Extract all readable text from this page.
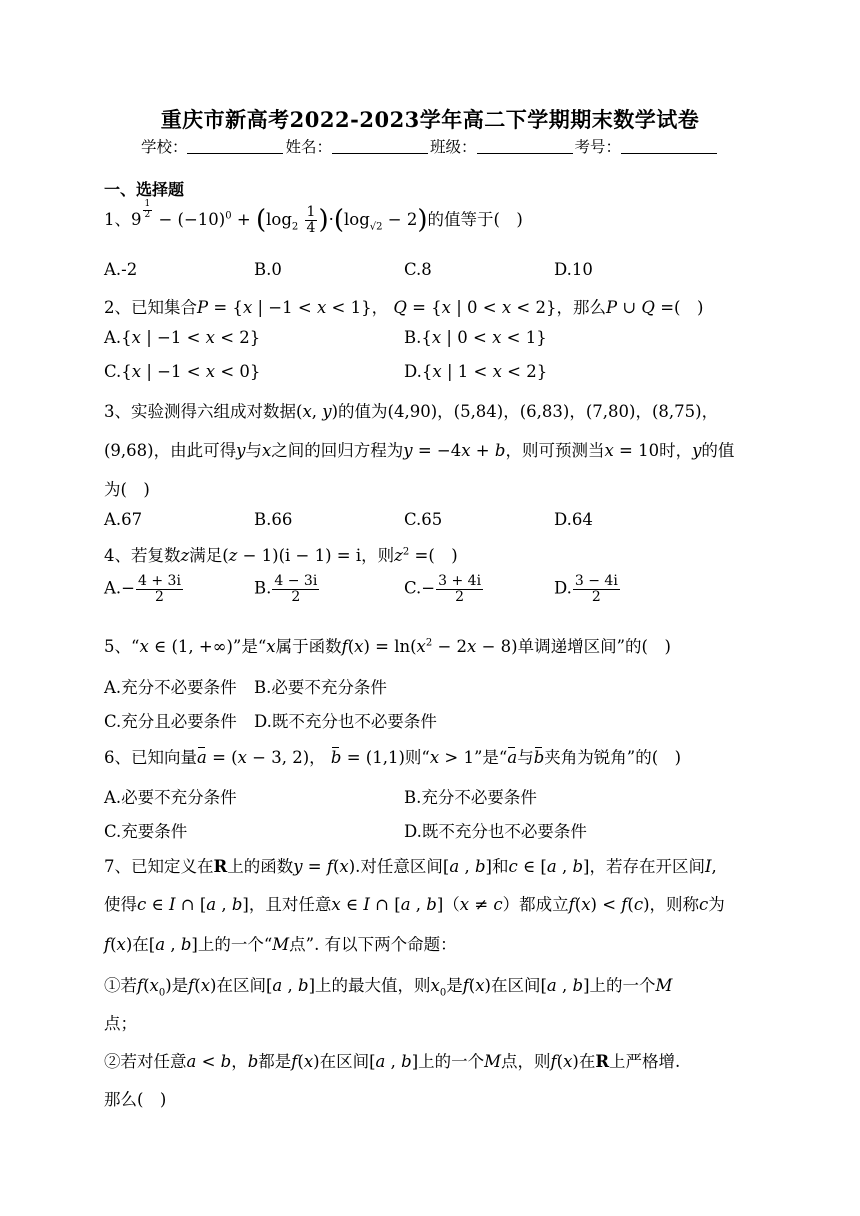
重庆市新高考2022-2023学年高二下学期期末数学试卷
学校：	姓名：	班级：	考号：
一、选择题
1、9 $^{\frac{1}{2}} - (-10)^0 + (\log_2 \frac{1}{4} )\cdot(\log_{√2} - 2)$的值等于(　)
A.-2	B.0	C.8	D.10
2、已知集合P = {x | −1 < x < 1}， Q = {x | 0 < x < 2}，那么P ∪ Q =(　)
A.{x | −1 < x < 2}	B.{x | 0 < x < 1}
C.{x | −1 < x < 0}	D.{x | 1 < x < 2}
3、实验测得六组成对数据(x, y)的值为(4,90)，(5,84)，(6,83)，(7,80)，(8,75)，
(9,68)，由此可得y与x之间的回归方程为y = −4x + b，则可预测当x = 10时，y的值
为(　)
A.67	B.66	C.65	D.64
4、若复数z满足(z − 1)(i − 1) = i，则$z^2$ =(　)
$A.- \frac{4 + 3i}{2}$	B. $\frac{4 - 3i}{2}$	$C.- \frac{3 + 4i}{2}$	D. $\frac{3 - 4i}{2}$
5、“x ∈ (1, +∞)”是“x属于函数$f(x) = \ln(x^2 - 2x - 8)$单调递增区间”的(　)
A.充分不必要条件 B.必要不充分条件
C.充分且必要条件 D.既不充分也不必要条件
6、已知向量a = (x − 3, 2)， b = (1,1)则“x > 1”是“a与b夹角为锐角”的(　)
A.必要不充分条件	B.充分不必要条件
C.充要条件	D.既不充分也不必要条件
7、已知定义在R上的函数y = f(x).对任意区间[a , b]和c ∈ [a , b]，若存在开区间I,
使得c ∈ I ∩ [a , b]，且对任意x ∈ I ∩ [a , b]（x ≠ c）都成立f(x) < f(c)，则称c为
f(x)在[a , b]上的一个“M点”. 有以下两个命题：
①若$f(x_0)$是f(x)在区间[a , b]上的最大值，则$x_0$是f(x)在区间[a , b]上的一个M
点；
②若对任意a < b，b都是f(x)在区间[a , b]上的一个M点，则f(x)在R上严格增.
那么(　)
